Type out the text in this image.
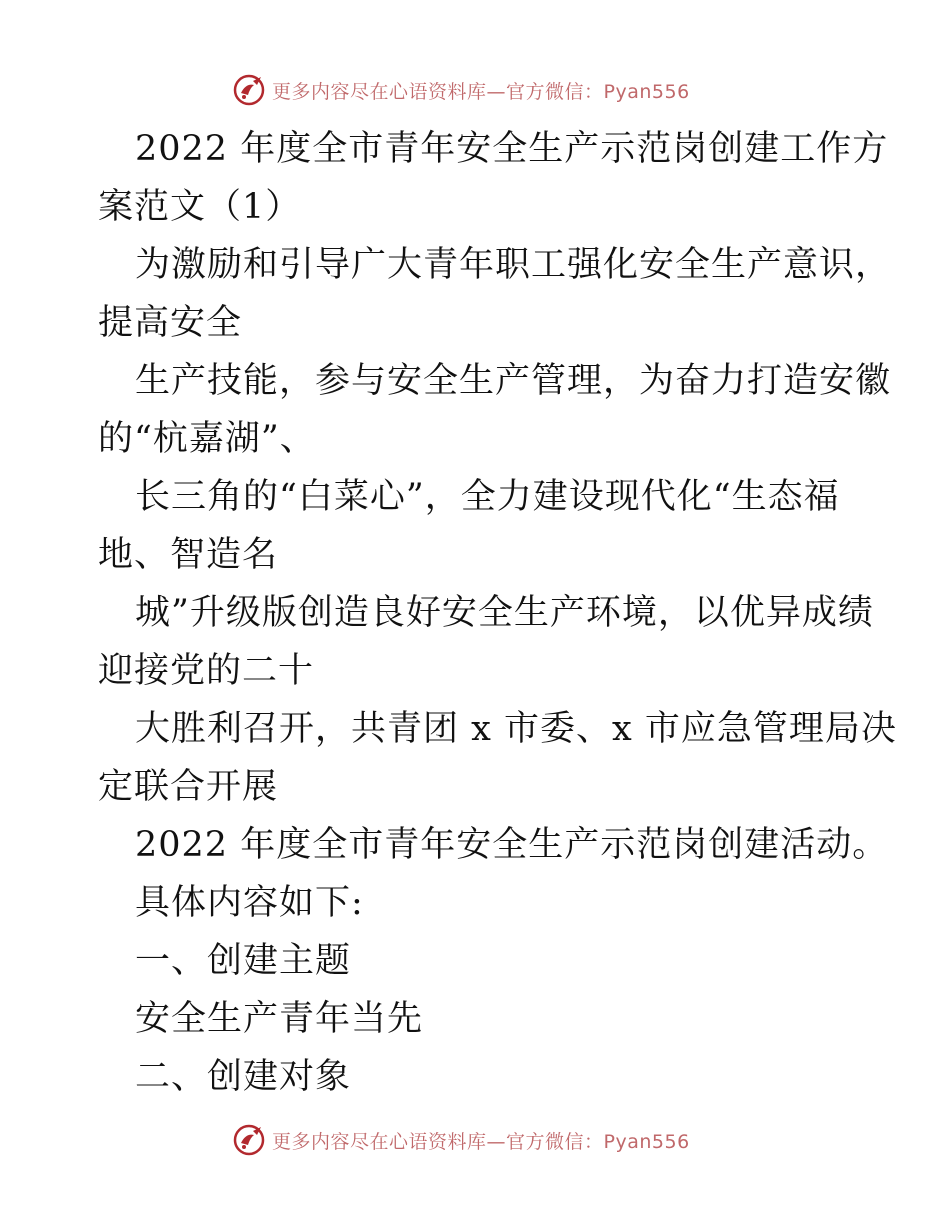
更多内容尽在心语资料库—官方微信：Pyan556
2022 年度全市青年安全生产示范岗创建工作方
案范文（1）
为激励和引导广大青年职工强化安全生产意识，
提高安全
生产技能，参与安全生产管理，为奋力打造安徽
的“杭嘉湖”、
长三角的“白菜心”，全力建设现代化“生态福
地、智造名
城”升级版创造良好安全生产环境，以优异成绩
迎接党的二十
大胜利召开，共青团 x 市委、x 市应急管理局决
定联合开展
2022 年度全市青年安全生产示范岗创建活动。
具体内容如下:
一、创建主题
安全生产青年当先
二、创建对象
更多内容尽在心语资料库—官方微信：Pyan556
